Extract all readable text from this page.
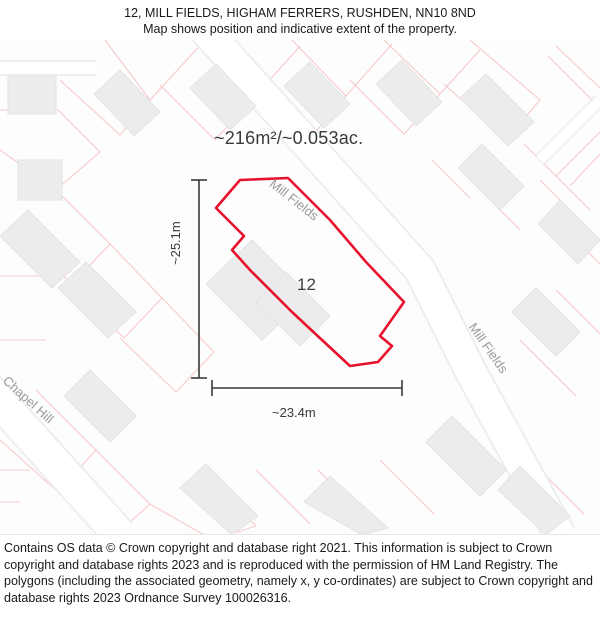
12, MILL FIELDS, HIGHAM FERRERS, RUSHDEN, NN10 8ND
Map shows position and indicative extent of the property.
~216m²/~0.053ac.
12
~25.1m
~23.4m
Mill Fields
Mill Fields
Chapel Hill

Contains OS data © Crown copyright and database right 2021. This information is subject to Crown copyright and database rights 2023 and is reproduced with the permission of HM Land Registry. The polygons (including the associated geometry, namely x, y co-ordinates) are subject to Crown copyright and database rights 2023 Ordnance Survey 100026316.
